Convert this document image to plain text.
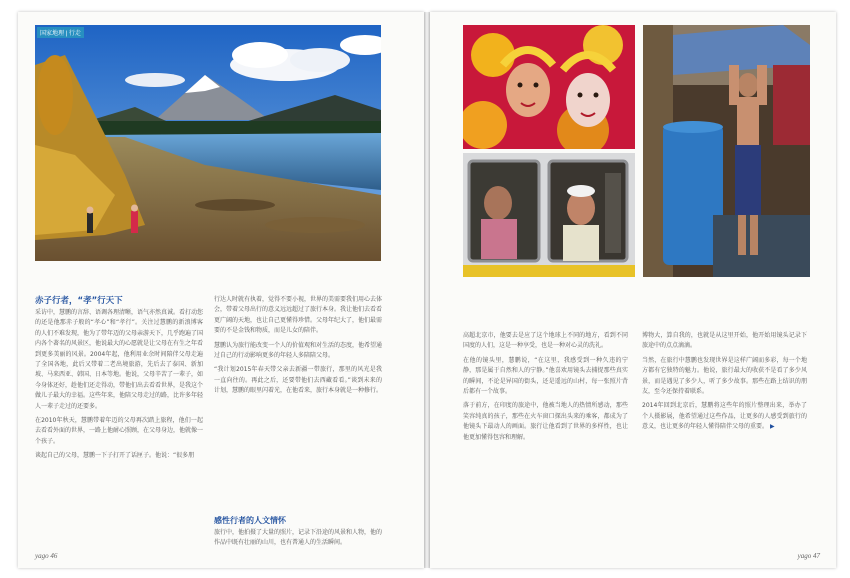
国家地理 | 行走
赤子行者，“孝”行天下

采访中，慧鹏的言辞、语调各理清晰，语气亦然真诚。看打动您的还是他那赤子般的“孝心”和“孝行”。关注过慧鹏的新浪博客的人们不难发现，他为了带年迈的父母亲游天下，几乎跑遍了国内各个著名的风景区，他说最大的心愿就是让父母在有生之年看到更多美丽的风景。2004年起，他利用业余时间陪伴父母走遍了全国各地，此后又带着二老出境旅游，先后去了泰国、新加坡、马来西亚、韩国、日本等地。他说，父母辛苦了一辈子，如今身体还好，趁他们还走得动，带他们出去看看世界，是我这个做儿子最大的幸福。这些年来，他陪父母走过的路，比许多年轻人一辈子走过的还要多。

在2010年秋天，慧鹏带着年迈的父母再次踏上旅程，他们一起去看看外面的世界，一路上他耐心照顾，在父母身边，他就像一个孩子。

谈起自己的父母，慧鹏一下子打开了话匣子。他说：“很多朋

行达人时就有执着，觉得不要小视，世界的美需要我们用心去体会，带着父母出行的意义远远超过了旅行本身。我让他们去看看更广阔的天地，也让自己更懂得珍惜。父母年纪大了，他们最需要的不是金钱和物质，而是儿女的陪伴。

慧鹏认为旅行能改变一个人的价值观和对生活的态度，他希望通过自己的行动影响更多的年轻人多陪陪父母。

“我计划2015年春天带父亲去新疆一带旅行，那里的风光是我一直向往的。再此之后，还要带他们去西藏看看。”谈到未来的计划，慧鹏的眼里闪着光，在他看来，旅行本身就是一种修行。

感性行者的人文情怀

旅行中，他拍摄了大量的照片，记录下沿途的风景和人物，他的作品中既有壮丽的山川，也有普通人的生活瞬间。

yago 46

高超北京市，他要去是应了这个地球上不同的地方，看到不同国度的人们，这是一种享受，也是一种对心灵的洗礼。

在他的镜头里，慧鹏说，“在这里，我感受到一种久违的宁静，那是属于自然和人的宁静。”他喜欢用镜头去捕捉那些真实的瞬间，不论是异国的街头，还是遥远的山村，每一张照片背后都有一个故事。

落于前方，在印度的旅途中，他被当地人的热情所感动，那些笑容纯真的孩子，那些在火车窗口探出头来的乘客，都成为了他镜头下最动人的画面。旅行让他看到了世界的多样性，也让他更加懂得包容和理解。

博物大，算自我的，也就是从这里开始，他开始用镜头记录下旅途中的点点滴滴。

当然，在旅行中慧鹏也发现世界是这样广阔而多彩，每一个地方都有它独特的魅力。他说，旅行最大的收获不是看了多少风景，而是遇见了多少人，听了多少故事。那些在路上结识的朋友，至今还保持着联系。

2014年回到北京后，慧鹏将这些年的照片整理出来，举办了个人摄影展，他希望通过这些作品，让更多的人感受到旅行的意义，也让更多的年轻人懂得陪伴父母的重要。 ▶

yago 47
